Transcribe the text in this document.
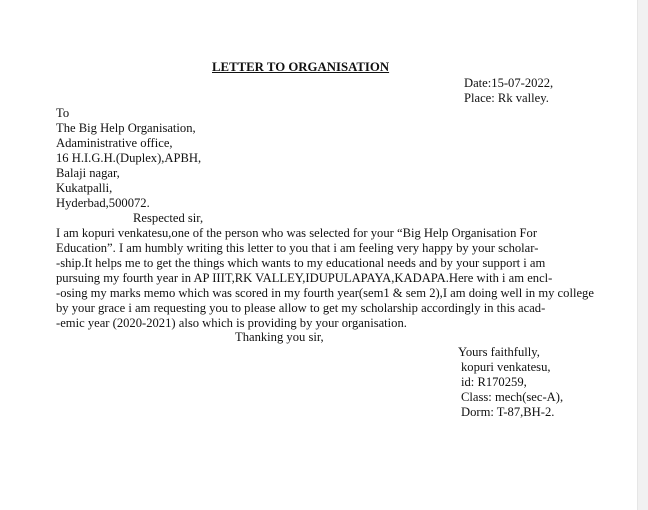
LETTER TO ORGANISATION
Date:15-07-2022,
Place: Rk valley.
To
The Big Help Organisation,
Adaministrative office,
16 H.I.G.H.(Duplex),APBH,
Balaji nagar,
Kukatpalli,
Hyderbad,500072.
Respected sir,
I am kopuri venkatesu,one of the person who was selected for your “Big Help Organisation For
Education”. I am humbly writing this letter to you that i am feeling very happy by your scholar-
-ship.It helps me to get the things which wants to my educational needs and by your support i am
pursuing my fourth year in AP IIIT,RK VALLEY,IDUPULAPAYA,KADAPA.Here with i am encl-
-osing my marks memo which was scored in my fourth year(sem1 & sem 2),I am doing well in my college
by your grace i am requesting you to please allow to get my scholarship accordingly in this acad-
-emic year (2020-2021) also which is providing by your organisation.
Thanking you sir,
Yours faithfully,
kopuri venkatesu,
id: R170259,
Class: mech(sec-A),
Dorm: T-87,BH-2.
